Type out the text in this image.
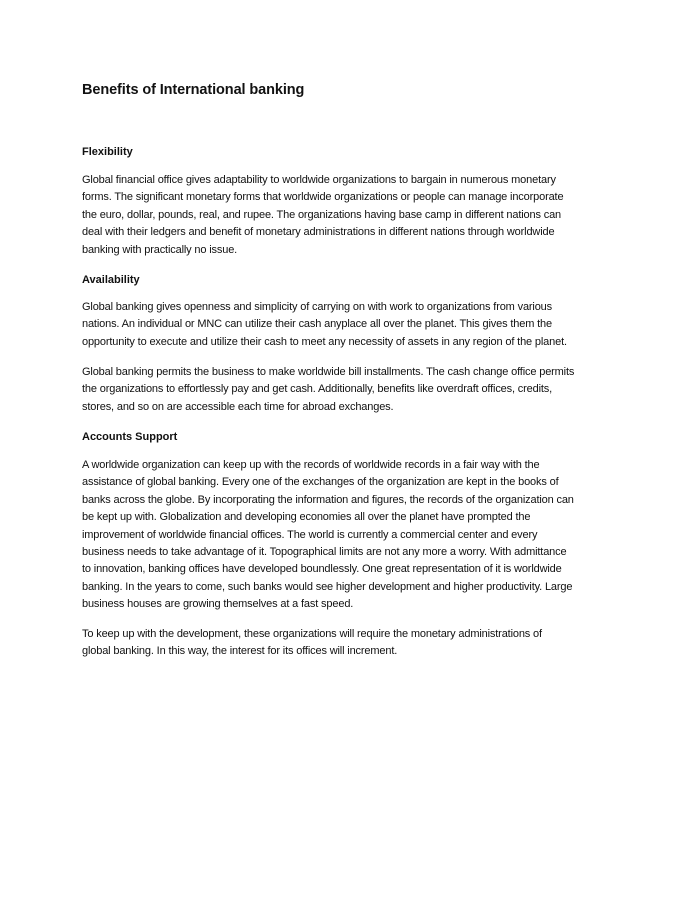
Benefits of International banking
Flexibility
Global financial office gives adaptability to worldwide organizations to bargain in numerous monetary
forms. The significant monetary forms that worldwide organizations or people can manage incorporate
the euro, dollar, pounds, real, and rupee. The organizations having base camp in different nations can
deal with their ledgers and benefit of monetary administrations in different nations through worldwide
banking with practically no issue.
Availability
Global banking gives openness and simplicity of carrying on with work to organizations from various
nations. An individual or MNC can utilize their cash anyplace all over the planet. This gives them the
opportunity to execute and utilize their cash to meet any necessity of assets in any region of the planet.
Global banking permits the business to make worldwide bill installments. The cash change office permits
the organizations to effortlessly pay and get cash. Additionally, benefits like overdraft offices, credits,
stores, and so on are accessible each time for abroad exchanges.
Accounts Support
A worldwide organization can keep up with the records of worldwide records in a fair way with the
assistance of global banking. Every one of the exchanges of the organization are kept in the books of
banks across the globe. By incorporating the information and figures, the records of the organization can
be kept up with. Globalization and developing economies all over the planet have prompted the
improvement of worldwide financial offices. The world is currently a commercial center and every
business needs to take advantage of it. Topographical limits are not any more a worry. With admittance
to innovation, banking offices have developed boundlessly. One great representation of it is worldwide
banking. In the years to come, such banks would see higher development and higher productivity. Large
business houses are growing themselves at a fast speed.
To keep up with the development, these organizations will require the monetary administrations of
global banking. In this way, the interest for its offices will increment.
